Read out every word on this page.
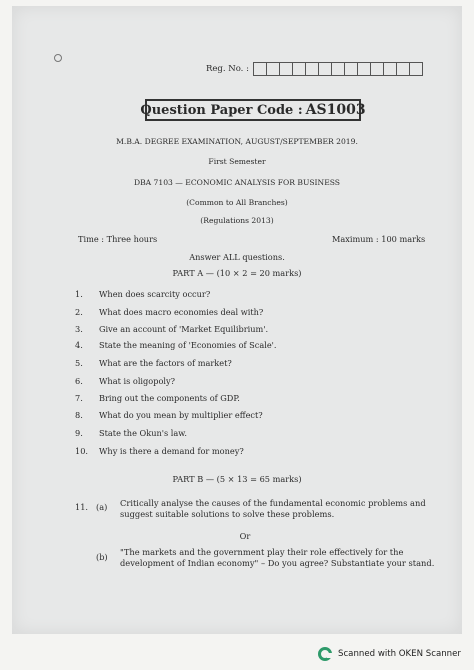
Reg. No. :
Question Paper Code : AS1003
M.B.A. DEGREE EXAMINATION, AUGUST/SEPTEMBER 2019.
First Semester
DBA 7103 — ECONOMIC ANALYSIS FOR BUSINESS
(Common to All Branches)
(Regulations 2013)
Time : Three hours	Maximum : 100 marks
Answer ALL questions.
PART A — (10 × 2 = 20 marks)
1. When does scarcity occur?
2. What does macro economies deal with?
3. Give an account of 'Market Equilibrium'.
4. State the meaning of 'Economies of Scale'.
5. What are the factors of market?
6. What is oligopoly?
7. Bring out the components of GDP.
8. What do you mean by multiplier effect?
9. State the Okun's law.
10. Why is there a demand for money?
PART B — (5 × 13 = 65 marks)
11. (a) Critically analyse the causes of the fundamental economic problems and suggest suitable solutions to solve these problems.
Or
(b) "The markets and the government play their role effectively for the development of Indian economy" – Do you agree? Substantiate your stand.
Scanned with OKEN Scanner
